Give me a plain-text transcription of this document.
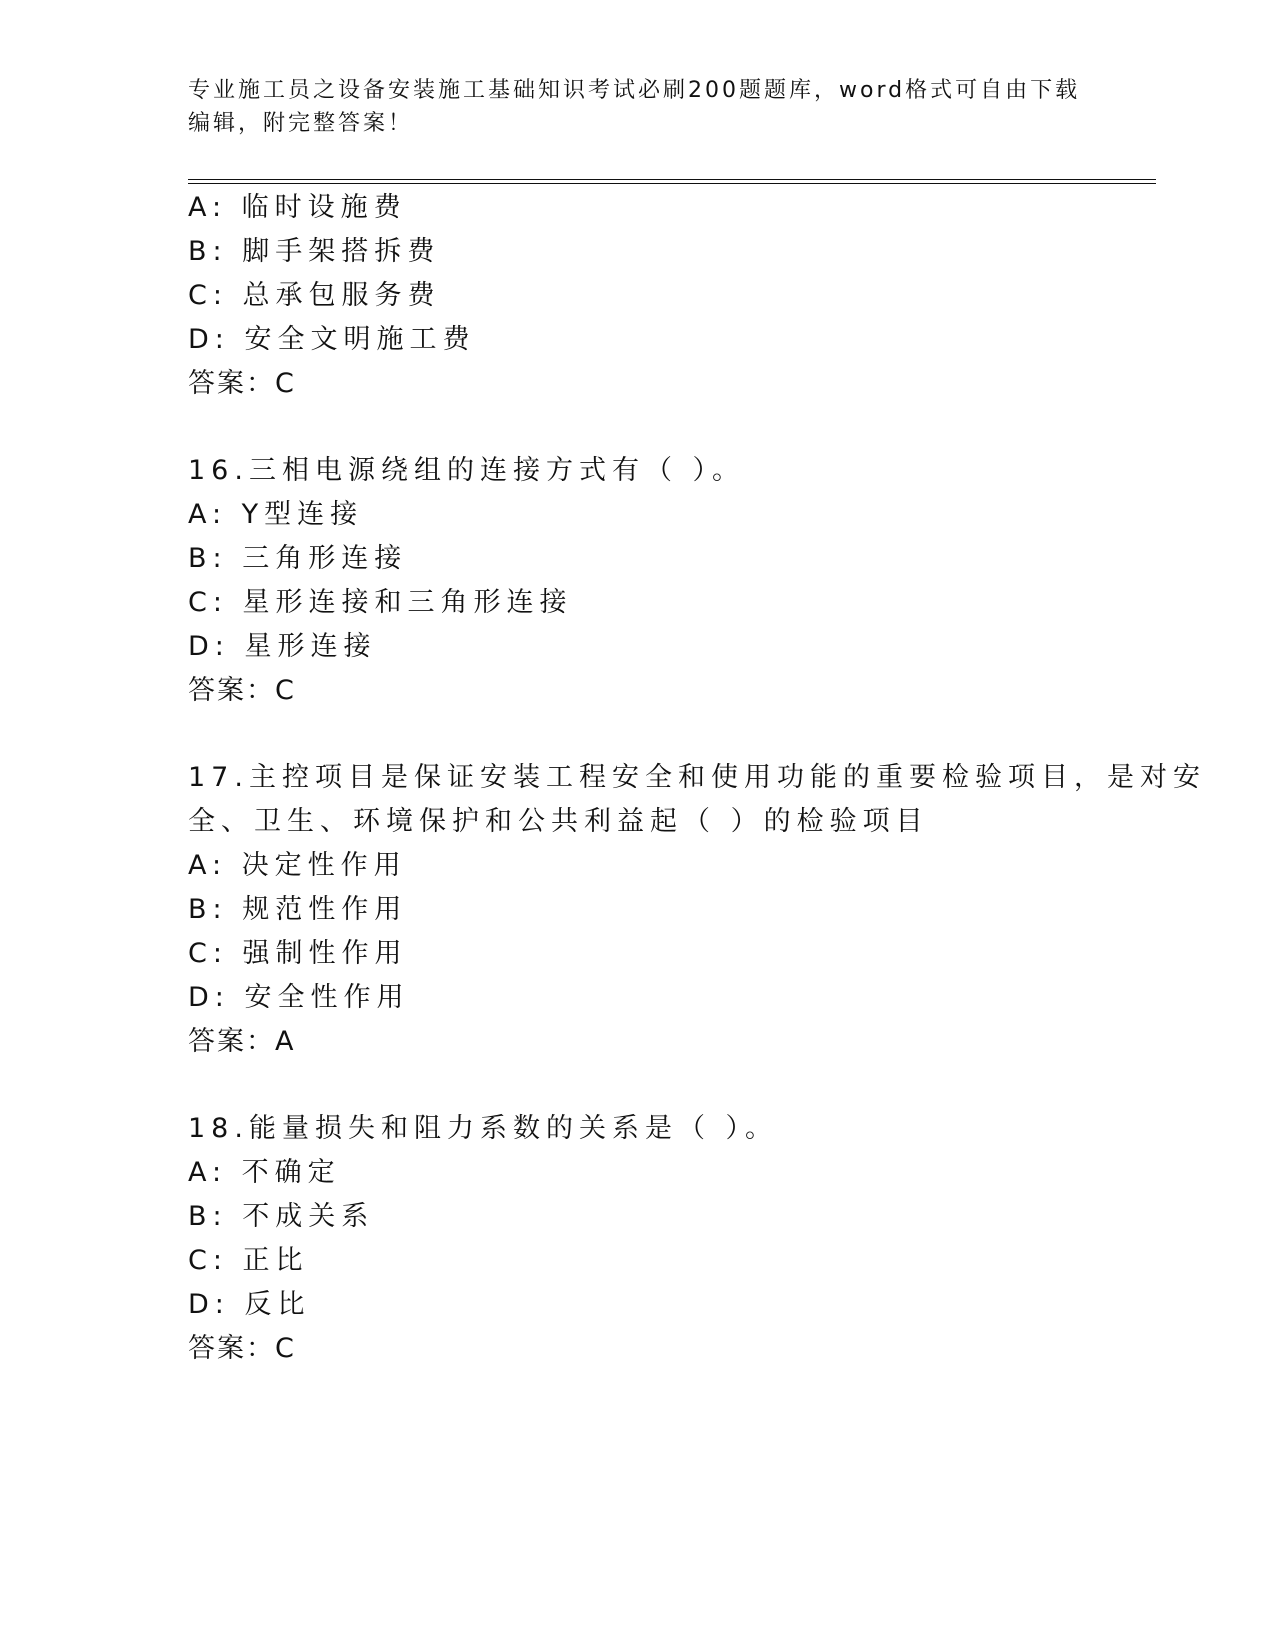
专业施工员之设备安装施工基础知识考试必刷200题题库，word格式可自由下载
编辑，附完整答案！
A: 临时设施费
B: 脚手架搭拆费
C: 总承包服务费
D: 安全文明施工费
答案：C
16.三相电源绕组的连接方式有（ ）。
A: Y型连接
B: 三角形连接
C: 星形连接和三角形连接
D: 星形连接
答案：C
17.主控项目是保证安装工程安全和使用功能的重要检验项目，是对安
全、卫生、环境保护和公共利益起（ ）的检验项目
A: 决定性作用
B: 规范性作用
C: 强制性作用
D: 安全性作用
答案：A
18.能量损失和阻力系数的关系是（ ）。
A: 不确定
B: 不成关系
C: 正比
D: 反比
答案：C
